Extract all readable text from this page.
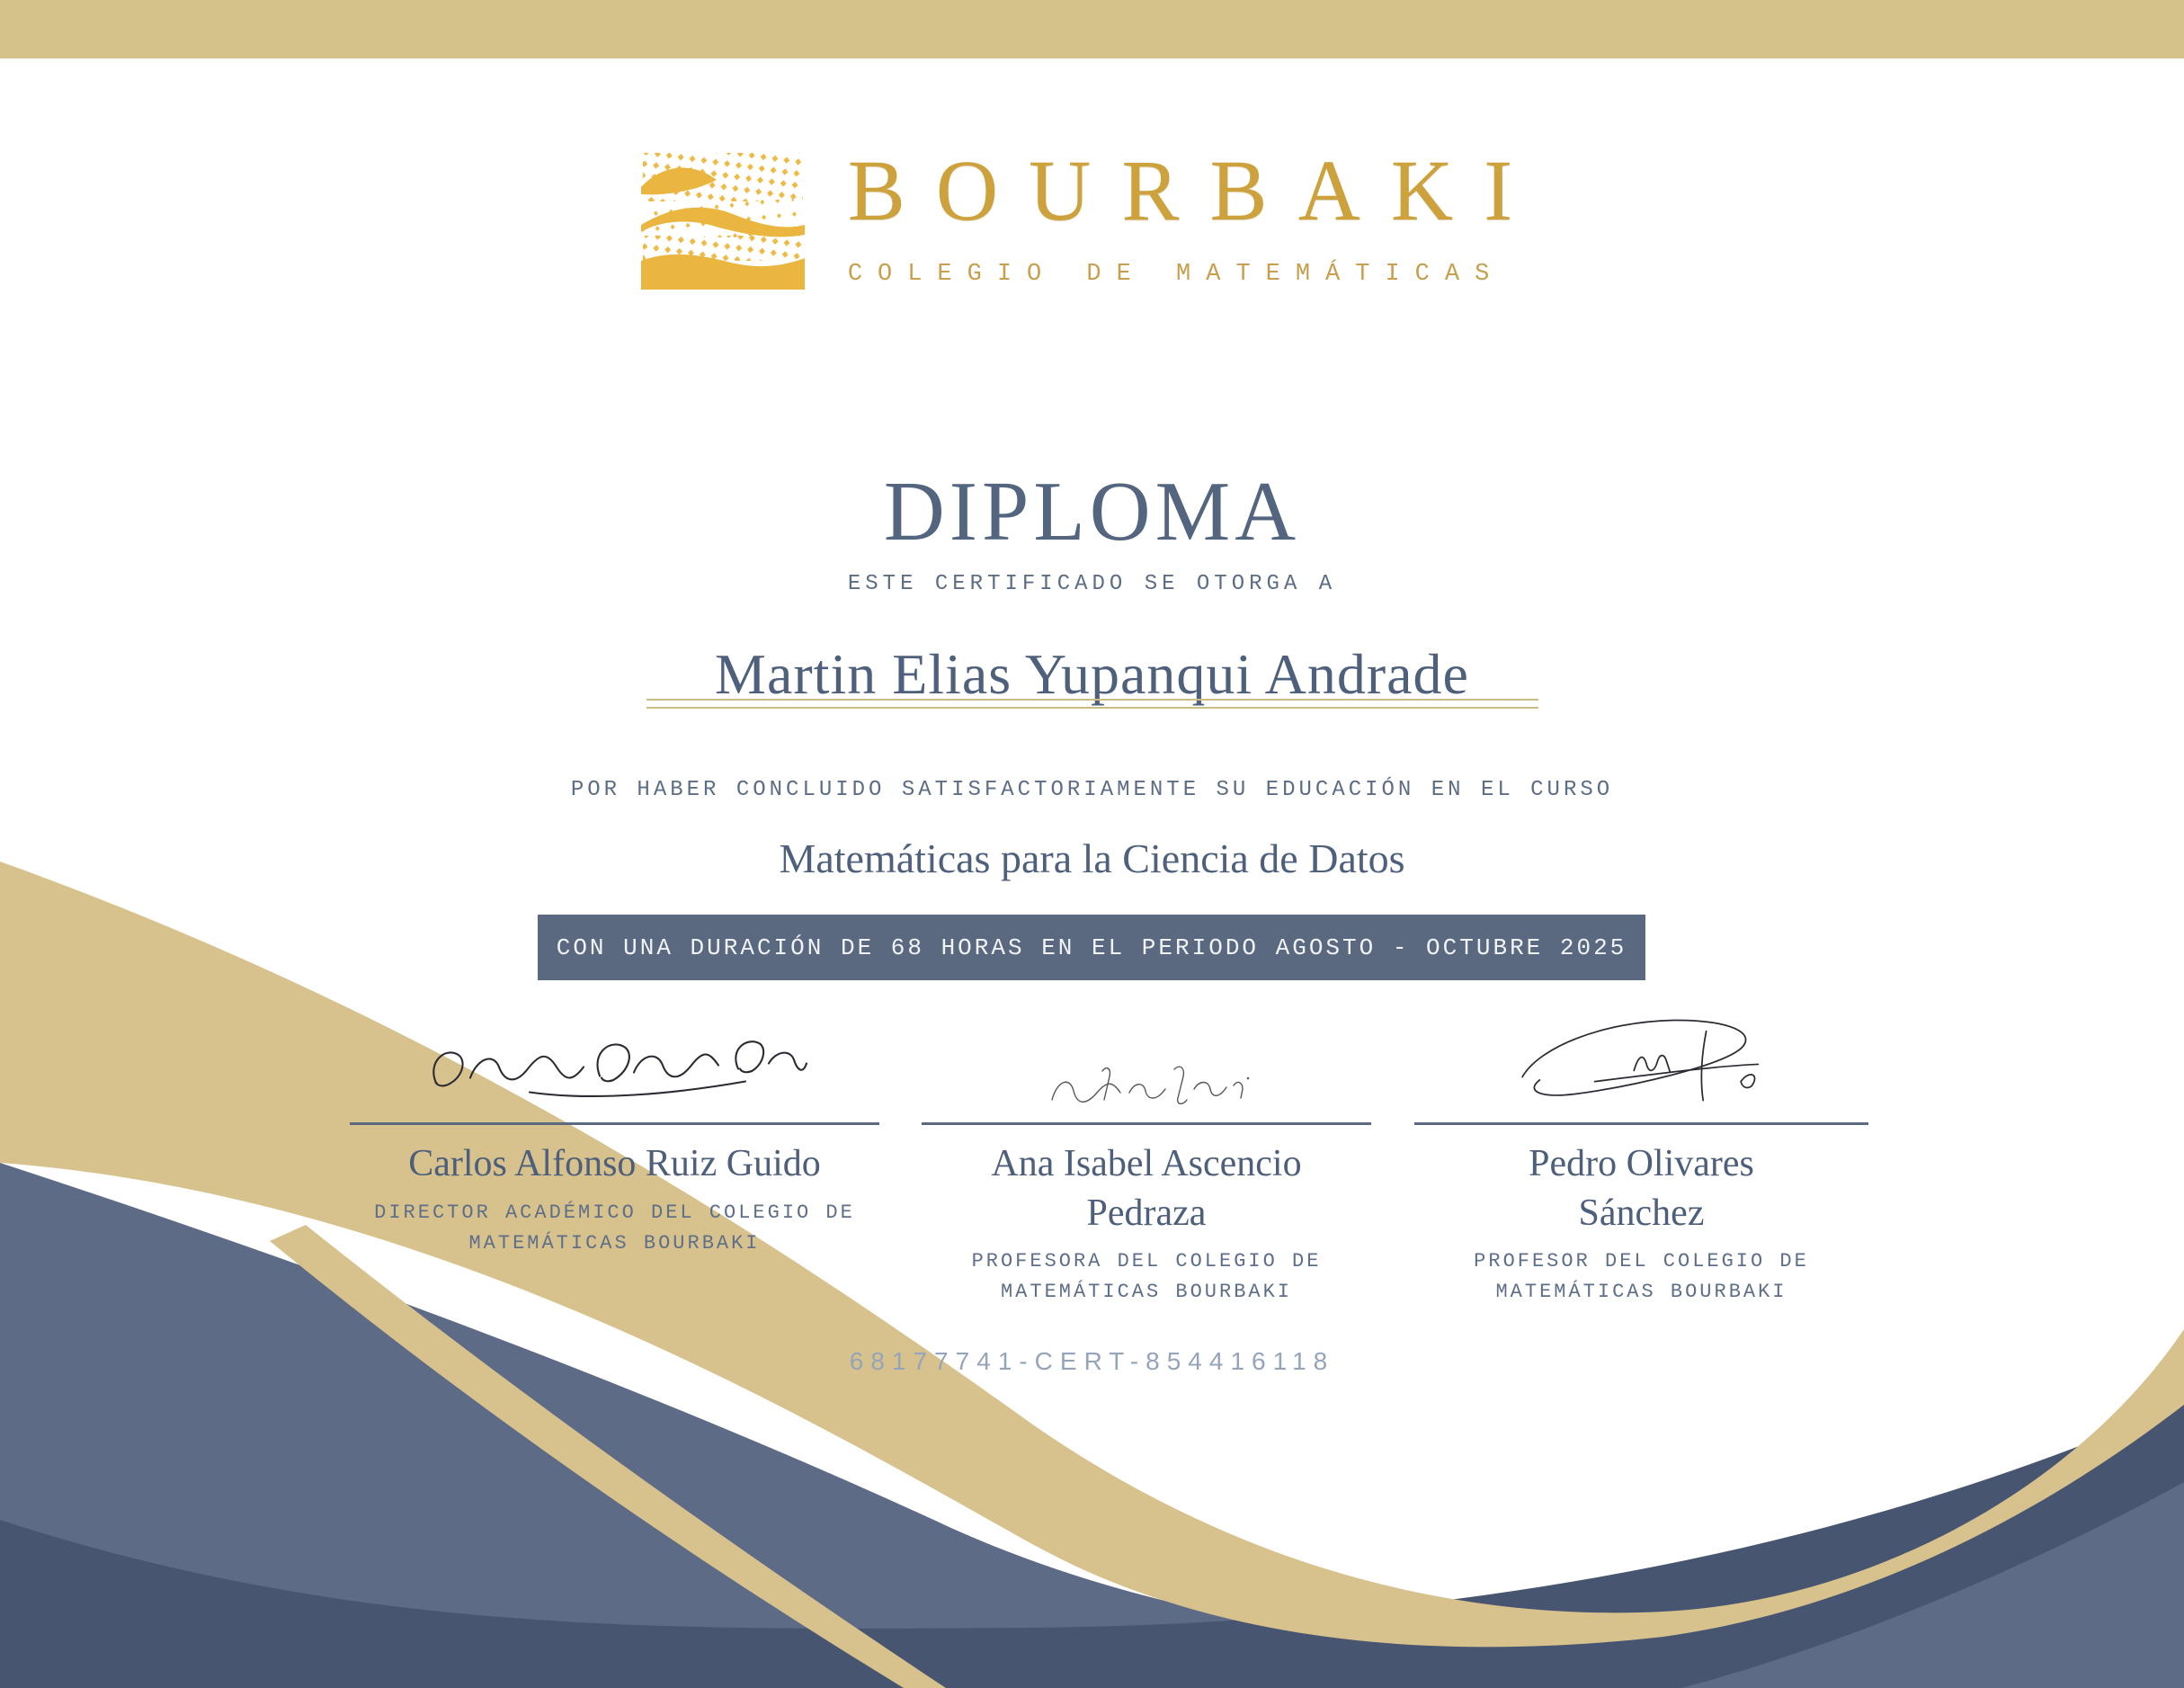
BOURBAKI
COLEGIO DE MATEMÁTICAS
DIPLOMA

ESTE CERTIFICADO SE OTORGA A

Martin Elias Yupanqui Andrade

POR HABER CONCLUIDO SATISFACTORIAMENTE SU EDUCACIÓN EN EL CURSO

Matemáticas para la Ciencia de Datos
CON UNA DURACIÓN DE 68 HORAS EN EL PERIODO AGOSTO - OCTUBRE 2025
Carlos Alfonso Ruiz Guido
DIRECTOR ACADÉMICO DEL COLEGIO DE MATEMÁTICAS BOURBAKI
Ana Isabel Ascencio Pedraza
PROFESORA DEL COLEGIO DE MATEMÁTICAS BOURBAKI
Pedro Olivares Sánchez
PROFESOR DEL COLEGIO DE MATEMÁTICAS BOURBAKI
68177741-CERT-854416118
